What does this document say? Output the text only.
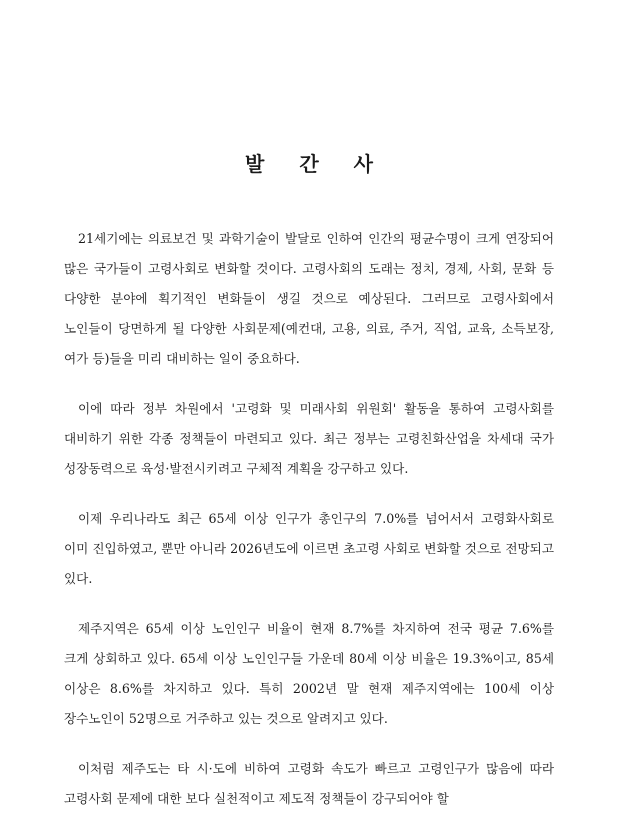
발 간 사

21세기에는 의료보건 및 과학기술이 발달로 인하여 인간의 평균수명이 크게 연장되어 많은 국가들이 고령사회로 변화할 것이다. 고령사회의 도래는 정치, 경제, 사회, 문화 등 다양한 분야에 획기적인 변화들이 생길 것으로 예상된다. 그러므로 고령사회에서 노인들이 당면하게 될 다양한 사회문제(예컨대, 고용, 의료, 주거, 직업, 교육, 소득보장, 여가 등)들을 미리 대비하는 일이 중요하다.

이에 따라 정부 차원에서 '고령화 및 미래사회 위원회' 활동을 통하여 고령사회를 대비하기 위한 각종 정책들이 마련되고 있다. 최근 정부는 고령친화산업을 차세대 국가 성장동력으로 육성·발전시키려고 구체적 계획을 강구하고 있다.

이제 우리나라도 최근 65세 이상 인구가 총인구의 7.0%를 넘어서서 고령화사회로 이미 진입하였고, 뿐만 아니라 2026년도에 이르면 초고령 사회로 변화할 것으로 전망되고 있다.

제주지역은 65세 이상 노인인구 비율이 현재 8.7%를 차지하여 전국 평균 7.6%를 크게 상회하고 있다. 65세 이상 노인인구들 가운데 80세 이상 비율은 19.3%이고, 85세 이상은 8.6%를 차지하고 있다. 특히 2002년 말 현재 제주지역에는 100세 이상 장수노인이 52명으로 거주하고 있는 것으로 알려지고 있다.

이처럼 제주도는 타 시·도에 비하여 고령화 속도가 빠르고 고령인구가 많음에 따라 고령사회 문제에 대한 보다 실천적이고 제도적 정책들이 강구되어야 할
